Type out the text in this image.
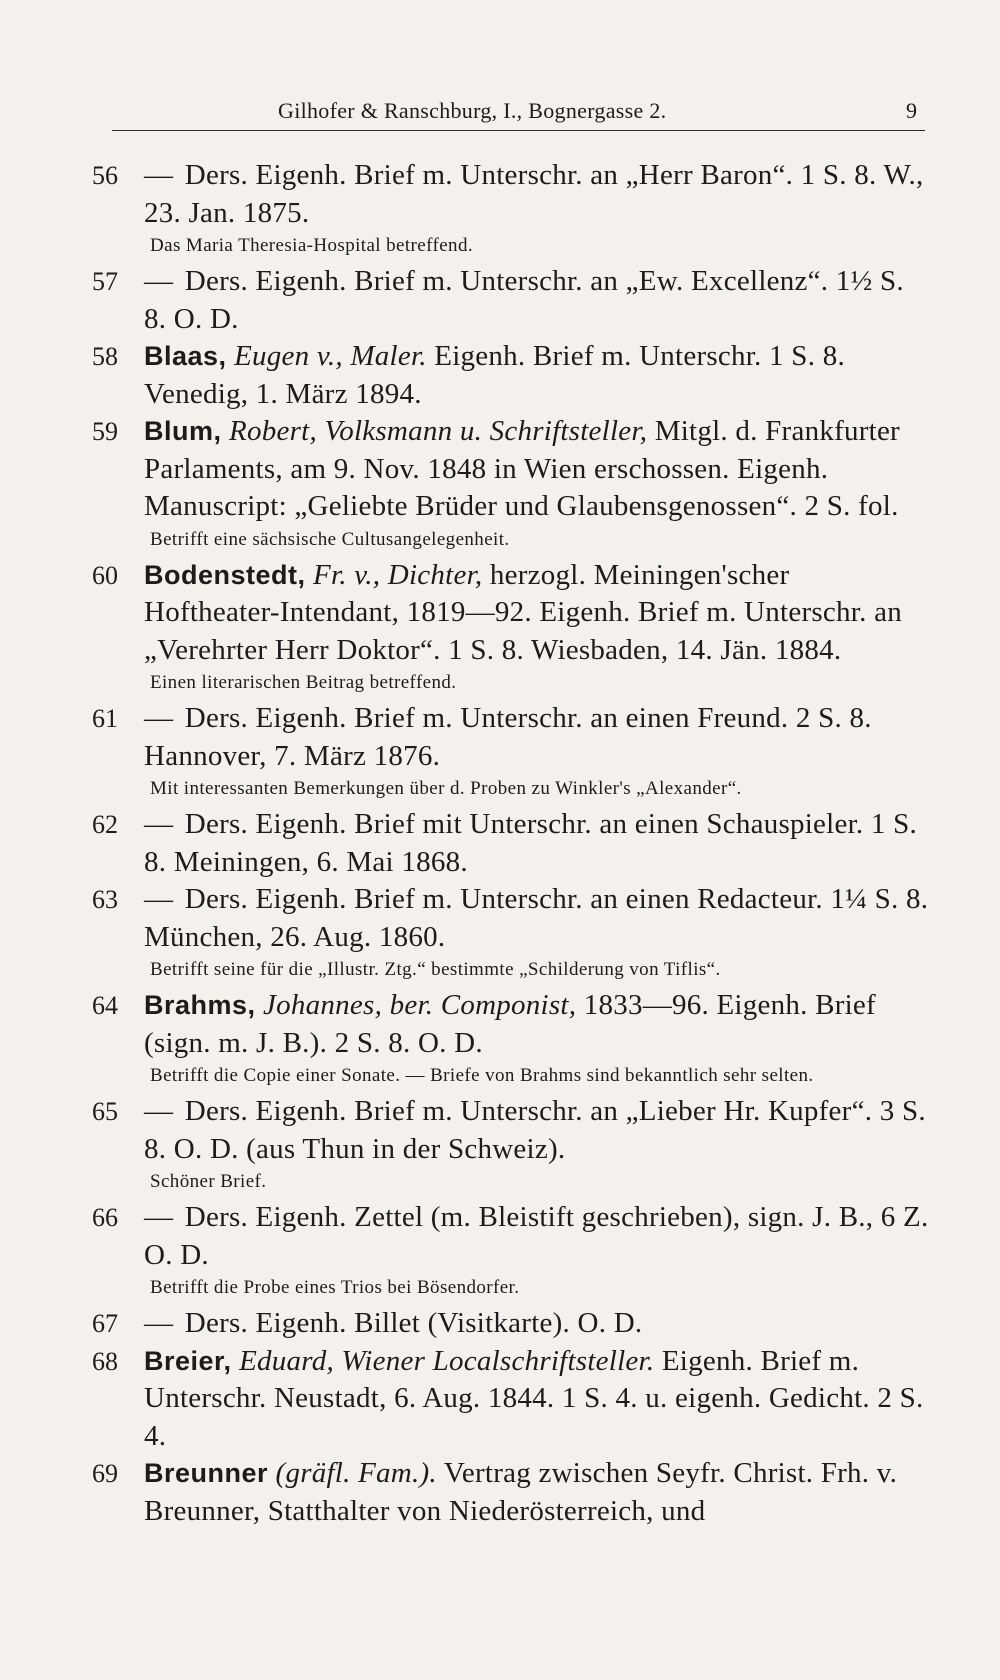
Gilhofer & Ranschburg, I., Bognergasse 2.	9
56 — Ders. Eigenh. Brief m. Unterschr. an „Herr Baron“. 1 S. 8. W., 23. Jan. 1875.
Das Maria Theresia-Hospital betreffend.
57 — Ders. Eigenh. Brief m. Unterschr. an „Ew. Excellenz“. 1½ S. 8. O. D.
58 Blaas, Eugen v., Maler. Eigenh. Brief m. Unterschr. 1 S. 8. Venedig, 1. März 1894.
59 Blum, Robert, Volksmann u. Schriftsteller, Mitgl. d. Frankfurter Parlaments, am 9. Nov. 1848 in Wien erschossen. Eigenh. Manuscript: „Geliebte Brüder und Glaubensgenossen“. 2 S. fol.
Betrifft eine sächsische Cultusangelegenheit.
60 Bodenstedt, Fr. v., Dichter, herzogl. Meiningen'scher Hoftheater-Intendant, 1819—92. Eigenh. Brief m. Unterschr. an „Verehrter Herr Doktor“. 1 S. 8. Wiesbaden, 14. Jän. 1884.
Einen literarischen Beitrag betreffend.
61 — Ders. Eigenh. Brief m. Unterschr. an einen Freund. 2 S. 8. Hannover, 7. März 1876.
Mit interessanten Bemerkungen über d. Proben zu Winkler's „Alexander“.
62 — Ders. Eigenh. Brief mit Unterschr. an einen Schauspieler. 1 S. 8. Meiningen, 6. Mai 1868.
63 — Ders. Eigenh. Brief m. Unterschr. an einen Redacteur. 1¼ S. 8. München, 26. Aug. 1860.
Betrifft seine für die „Illustr. Ztg.“ bestimmte „Schilderung von Tiflis“.
64 Brahms, Johannes, ber. Componist, 1833—96. Eigenh. Brief (sign. m. J. B.). 2 S. 8. O. D.
Betrifft die Copie einer Sonate. — Briefe von Brahms sind bekanntlich sehr selten.
65 — Ders. Eigenh. Brief m. Unterschr. an „Lieber Hr. Kupfer“. 3 S. 8. O. D. (aus Thun in der Schweiz).
Schöner Brief.
66 — Ders. Eigenh. Zettel (m. Bleistift geschrieben), sign. J. B., 6 Z. O. D.
Betrifft die Probe eines Trios bei Bösendorfer.
67 — Ders. Eigenh. Billet (Visitkarte). O. D.
68 Breier, Eduard, Wiener Localschriftsteller. Eigenh. Brief m. Unterschr. Neustadt, 6. Aug. 1844. 1 S. 4. u. eigenh. Gedicht. 2 S. 4.
69 Breunner (gräfl. Fam.). Vertrag zwischen Seyfr. Christ. Frh. v. Breunner, Statthalter von Niederösterreich, und
